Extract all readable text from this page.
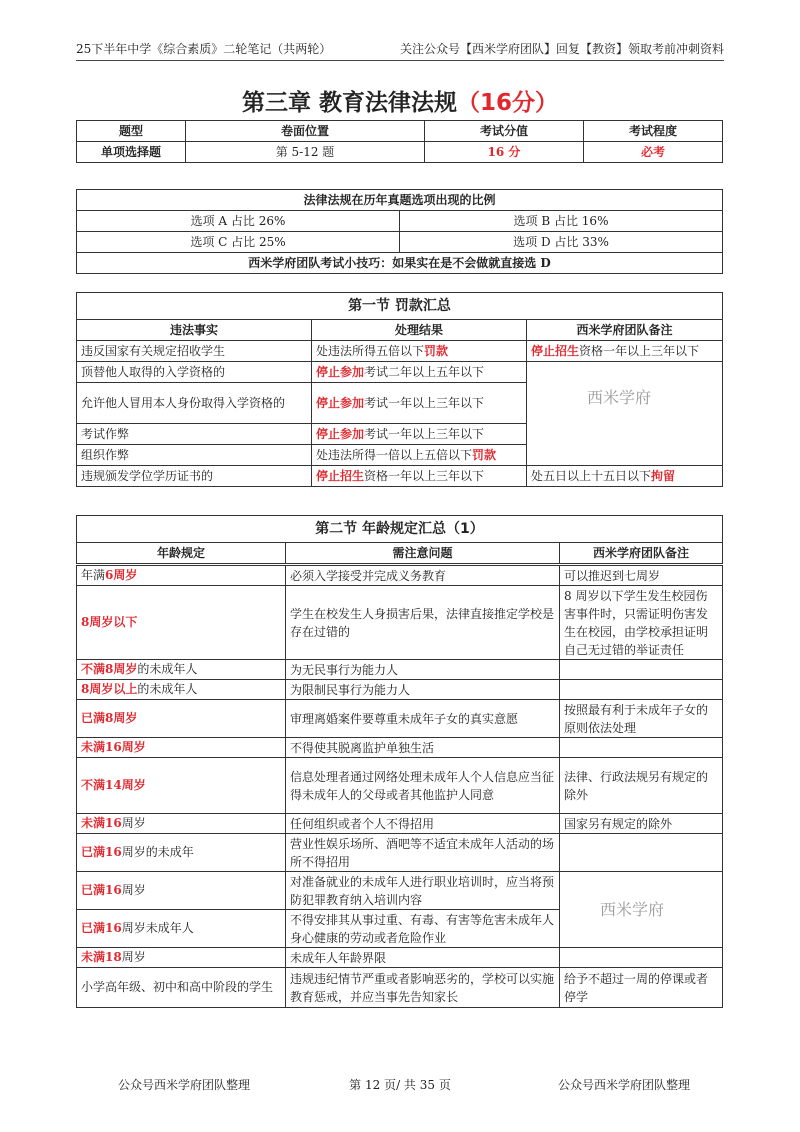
25下半年中学《综合素质》二轮笔记（共两轮）	关注公众号【西米学府团队】回复【教资】领取考前冲刺资料
第三章 教育法律法规（16分）
题型	卷面位置	考试分值	考试程度
单项选择题	第 5-12 题	16 分	必考
法律法规在历年真题选项出现的比例	
选项 A 占比 26%	选项 B 占比 16%
选项 C 占比 25%	选项 D 占比 33%
西米学府团队考试小技巧：如果实在是不会做就直接选 D	
第一节 罚款汇总		
违法事实	处理结果	西米学府团队备注
违反国家有关规定招收学生	处违法所得五倍以下罚款	停止招生资格一年以上三年以下
顶替他人取得的入学资格的	停止参加考试二年以上五年以下	西米学府

允许他人冒用本人身份取得入学资格的	停止参加考试一年以上三年以下	
考试作弊	停止参加考试一年以上三年以下	
组织作弊	处违法所得一倍以上五倍以下罚款	
违规颁发学位学历证书的	停止招生资格一年以上三年以下	处五日以上十五日以下拘留
第二节 年龄规定汇总（1）
年龄规定	需注意问题	西米学府团队备注
年满6周岁	必须入学接受并完成义务教育	可以推迟到七周岁
8周岁以下	学生在校发生人身损害后果，法律直接推定学校是存在过错的	8 周岁以下学生发生校园伤害事件时，只需证明伤害发生在校园，由学校承担证明自己无过错的举证责任
不满8周岁的未成年人	为无民事行为能力人	
8周岁以上的未成年人	为限制民事行为能力人	
已满8周岁	审理离婚案件要尊重未成年子女的真实意愿	按照最有利于未成年子女的原则依法处理
未满16周岁	不得使其脱离监护单独生活	
不满14周岁	信息处理者通过网络处理未成年人个人信息应当征得未成年人的父母或者其他监护人同意	法律、行政法规另有规定的除外
未满16周岁	任何组织或者个人不得招用	国家另有规定的除外
已满16周岁的未成年	营业性娱乐场所、酒吧等不适宜未成年人活动的场所不得招用	
已满16周岁	对准备就业的未成年人进行职业培训时，应当将预防犯罪教育纳入培训内容	西米学府

已满16周岁未成年人	不得安排其从事过重、有毒、有害等危害未成年人身心健康的劳动或者危险作业	
未满18周岁	未成年人年龄界限	
小学高年级、初中和高中阶段的学生	违规违纪情节严重或者影响恶劣的，学校可以实施教育惩戒，并应当事先告知家长	给予不超过一周的停课或者停学
公众号西米学府团队整理	第 12 页/ 共 35 页	公众号西米学府团队整理
